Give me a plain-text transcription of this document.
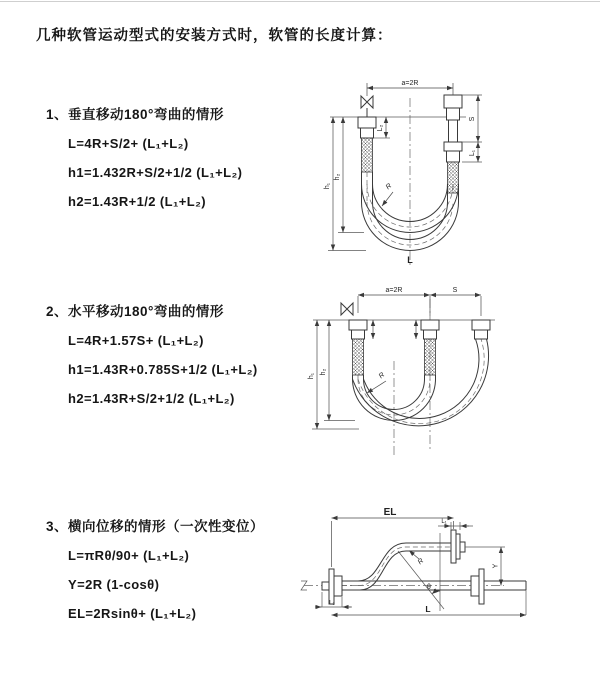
几种软管运动型式的安装方式时，软管的长度计算：
1、垂直移动180°弯曲的情形
L=4R+S/2+ (L₁+L₂)
h1=1.432R+S/2+1/2 (L₁+L₂)
h2=1.43R+1/2 (L₁+L₂)
a=2R
h₁
h₂
S
L₁
L₂
R
L
2、水平移动180°弯曲的情形
L=4R+1.57S+ (L₁+L₂)
h1=1.43R+0.785S+1/2 (L₁+L₂)
h2=1.43R+S/2+1/2 (L₁+L₂)
a=2R	S
h₁
h₂	R
3、横向位移的情形（一次性变位）
L=πRθ/90+ (L₁+L₂)
Y=2R (1-cosθ)
EL=2Rsinθ+ (L₁+L₂)
EL
L₁
Y
θ
R
L
L₂
